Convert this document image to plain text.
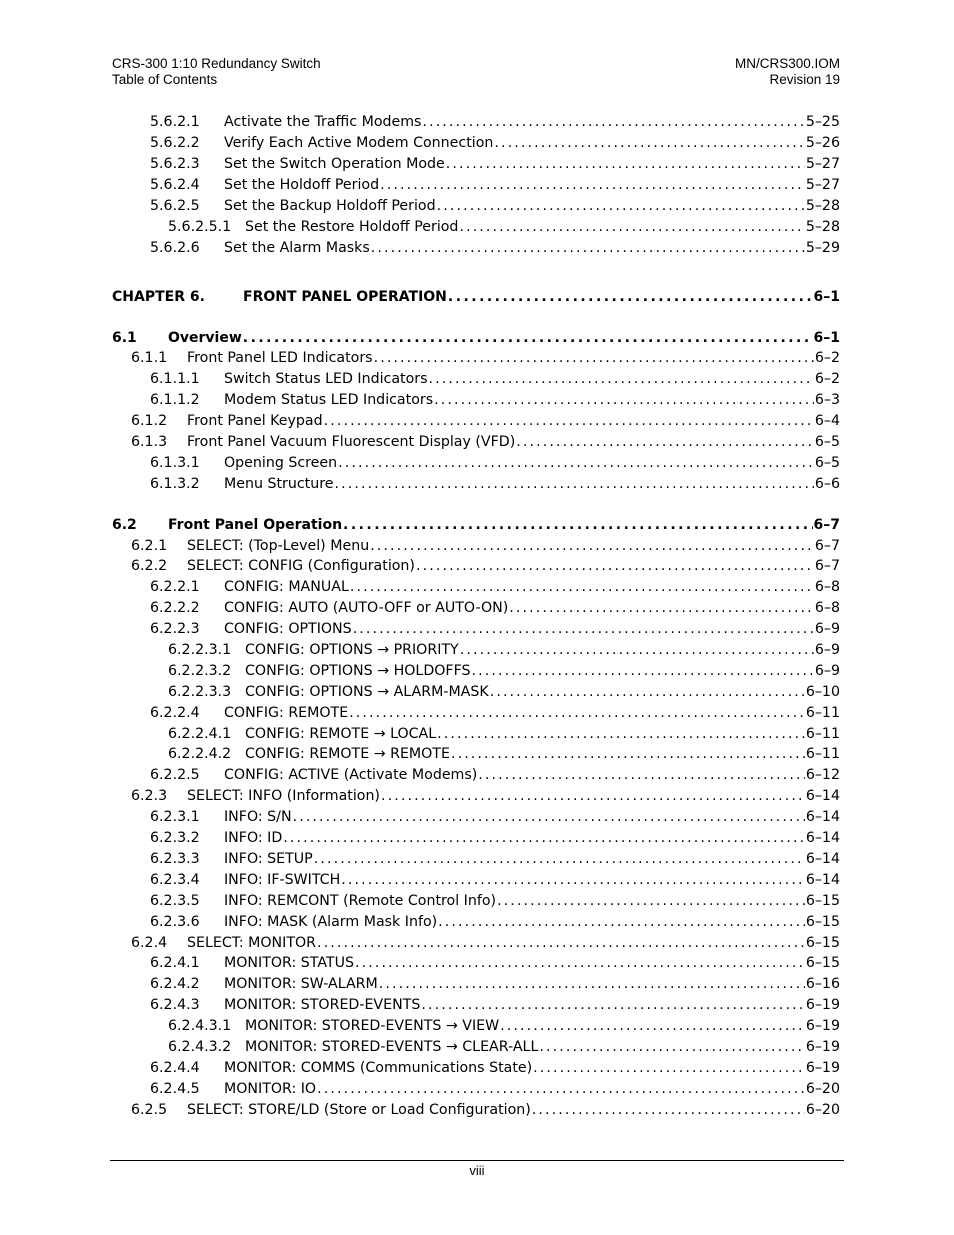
CRS-300 1:10 Redundancy Switch
Table of Contents
MN/CRS300.IOM
Revision 19
5.6.2.1 Activate the Traffic Modems . . .	5–25
5.6.2.2 Verify Each Active Modem Connection . . .	5–26
5.6.2.3 Set the Switch Operation Mode . . .	5–27
5.6.2.4 Set the Holdoff Period . . .	5–27
5.6.2.5 Set the Backup Holdoff Period . . .	5–28
5.6.2.5.1 Set the Restore Holdoff Period . . .	5–28
5.6.2.6 Set the Alarm Masks . . .	5–29
CHAPTER 6.	FRONT PANEL OPERATION . . .	6–1
6.1 Overview . . .	6–1
6.1.1 Front Panel LED Indicators . . .	6–2
6.1.1.1 Switch Status LED Indicators . . .	6–2
6.1.1.2 Modem Status LED Indicators . . .	6–3
6.1.2 Front Panel Keypad . . .	6–4
6.1.3 Front Panel Vacuum Fluorescent Display (VFD) . . .	6–5
6.1.3.1 Opening Screen . . .	6–5
6.1.3.2 Menu Structure . . .	6–6
6.2 Front Panel Operation . . .	6–7
6.2.1 SELECT: (Top-Level) Menu . . .	6–7
6.2.2 SELECT: CONFIG (Configuration) . . .	6–7
6.2.2.1 CONFIG: MANUAL . . .	6–8
6.2.2.2 CONFIG: AUTO (AUTO-OFF or AUTO-ON) . . .	6–8
6.2.2.3 CONFIG: OPTIONS . . .	6–9
6.2.2.3.1 CONFIG: OPTIONS → PRIORITY . . .	6–9
6.2.2.3.2 CONFIG: OPTIONS → HOLDOFFS . . .	6–9
6.2.2.3.3 CONFIG: OPTIONS → ALARM-MASK . . .	6–10
6.2.2.4 CONFIG: REMOTE . . .	6–11
6.2.2.4.1 CONFIG: REMOTE → LOCAL . . .	6–11
6.2.2.4.2 CONFIG: REMOTE → REMOTE . . .	6–11
6.2.2.5 CONFIG: ACTIVE (Activate Modems) . . .	6–12
6.2.3 SELECT: INFO (Information) . . .	6–14
6.2.3.1 INFO: S/N . . .	6–14
6.2.3.2 INFO: ID . . .	6–14
6.2.3.3 INFO: SETUP . . .	6–14
6.2.3.4 INFO: IF-SWITCH . . .	6–14
6.2.3.5 INFO: REMCONT (Remote Control Info) . . .	6–15
6.2.3.6 INFO: MASK (Alarm Mask Info) . . .	6–15
6.2.4 SELECT: MONITOR . . .	6–15
6.2.4.1 MONITOR: STATUS . . .	6–15
6.2.4.2 MONITOR: SW-ALARM . . .	6–16
6.2.4.3 MONITOR: STORED-EVENTS . . .	6–19
6.2.4.3.1 MONITOR: STORED-EVENTS → VIEW . . .	6–19
6.2.4.3.2 MONITOR: STORED-EVENTS → CLEAR-ALL . . .	6–19
6.2.4.4 MONITOR: COMMS (Communications State) . . .	6–19
6.2.4.5 MONITOR: IO . . .	6–20
6.2.5 SELECT: STORE/LD (Store or Load Configuration) . . .	6–20
viii
